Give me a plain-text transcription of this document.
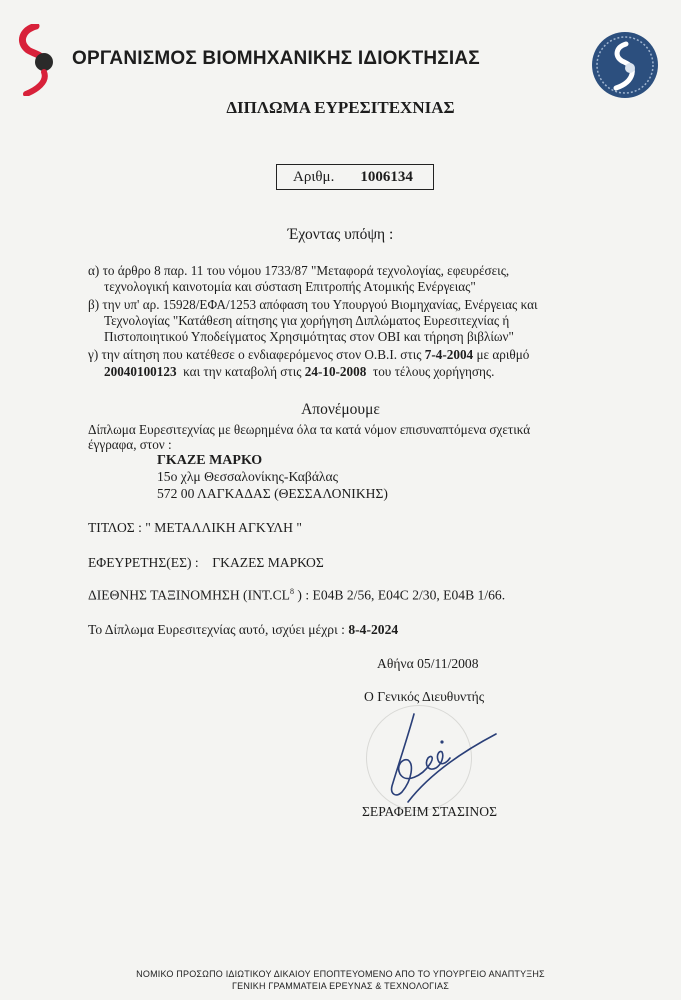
ΟΡΓΑΝΙΣΜΟΣ ΒΙΟΜΗΧΑΝΙΚΗΣ ΙΔΙΟΚΤΗΣΙΑΣ
ΔΙΠΛΩΜΑ ΕΥΡΕΣΙΤΕΧΝΙΑΣ
Αριθμ. 1006134
Έχοντας υπόψη :
α) το άρθρο 8 παρ. 11 του νόμου 1733/87 "Μεταφορά τεχνολογίας, εφευρέσεις,
τεχνολογική καινοτομία και σύσταση Επιτροπής Ατομικής Ενέργειας"
β) την υπ' αρ. 15928/ΕΦΑ/1253 απόφαση του Υπουργού Βιομηχανίας, Ενέργειας και
Τεχνολογίας "Κατάθεση αίτησης για χορήγηση Διπλώματος Ευρεσιτεχνίας ή
Πιστοποιητικού Υποδείγματος Χρησιμότητας στον ΟΒΙ και τήρηση βιβλίων"
γ) την αίτηση που κατέθεσε ο ενδιαφερόμενος στον Ο.Β.Ι. στις 7-4-2004 με αριθμό
20040100123 και την καταβολή στις 24-10-2008 του τέλους χορήγησης.
Απονέμουμε
Δίπλωμα Ευρεσιτεχνίας με θεωρημένα όλα τα κατά νόμον επισυναπτόμενα σχετικά
έγγραφα, στον :
ΓΚΑΖΕ ΜΑΡΚΟ
15ο χλμ Θεσσαλονίκης-Καβάλας
572 00 ΛΑΓΚΑΔΑΣ (ΘΕΣΣΑΛΟΝΙΚΗΣ)
ΤΙΤΛΟΣ : " ΜΕΤΑΛΛΙΚΗ ΑΓΚΥΛΗ "
ΕΦΕΥΡΕΤΗΣ(ΕΣ) : ΓΚΑΖΕΣ ΜΑΡΚΟΣ
ΔΙΕΘΝΗΣ ΤΑΞΙΝΟΜΗΣΗ ($INT.CL^8$ ) : E04B 2/56, E04C 2/30, E04B 1/66.
Το Δίπλωμα Ευρεσιτεχνίας αυτό, ισχύει μέχρι : 8-4-2024
Αθήνα 05/11/2008
Ο Γενικός Διευθυντής
ΣΕΡΑΦΕΙΜ ΣΤΑΣΙΝΟΣ
ΝΟΜΙΚΟ ΠΡΟΣΩΠΟ ΙΔΙΩΤΙΚΟΥ ΔΙΚΑΙΟΥ ΕΠΟΠΤΕΥΟΜΕΝΟ ΑΠΟ ΤΟ ΥΠΟΥΡΓΕΙΟ ΑΝΑΠΤΥΞΗΣ
ΓΕΝΙΚΗ ΓΡΑΜΜΑΤΕΙΑ ΕΡΕΥΝΑΣ & ΤΕΧΝΟΛΟΓΙΑΣ
